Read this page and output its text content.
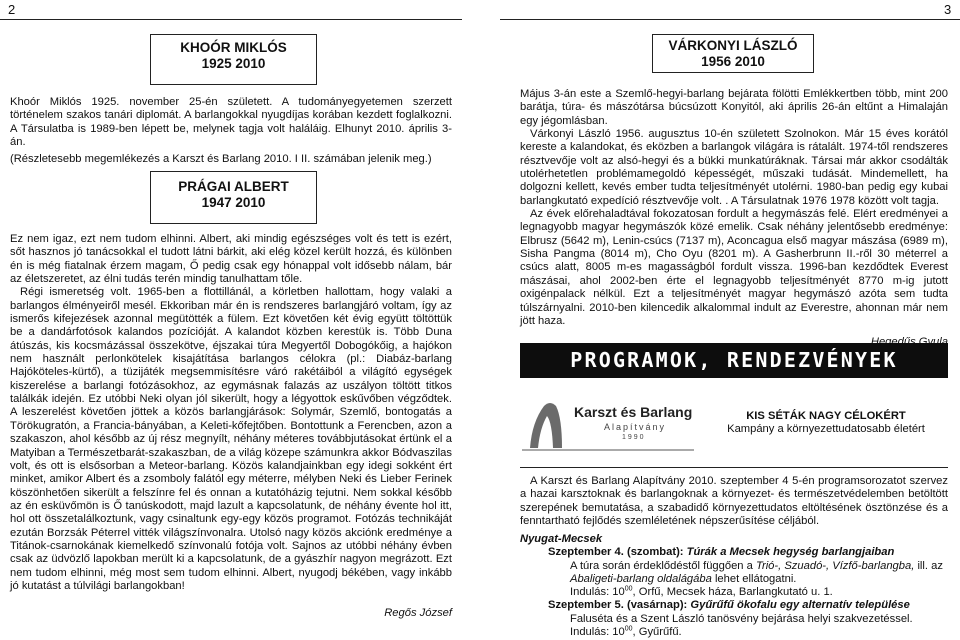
2
KHOÓR MIKLÓS
1925 2010

Khoór Miklós 1925. november 25-én született. A tudományegyetemen szerzett történelem szakos tanári diplomát. A barlangokkal nyugdíjas korában kezdett foglalkozni. A Társulatba is 1989-ben lépett be, melynek tagja volt haláláig. Elhunyt 2010. április 3-án.

(Részletesebb megemlékezés a Karszt és Barlang 2010. I II. számában jelenik meg.)

PRÁGAI ALBERT
1947 2010

Ez nem igaz, ezt nem tudom elhinni. Albert, aki mindig egészséges volt és tett is ezért, sőt hasznos jó tanácsokkal el tudott látni bárkit, aki elég közel került hozzá, és különben én is még fiatalnak érzem magam, Ő pedig csak egy hónappal volt idősebb nálam, bár az életszeretet, az élni tudás terén mindig tanulhattam tőle.

Régi ismeretség volt. 1965-ben a flottillánál, a körletben hallottam, hogy valaki a barlangos élményeiről mesél. Ekkoriban már én is rendszeres barlangjáró voltam, így az ismerős kifejezések azonnal megütötték a fülem. Ezt követően két évig együtt töltöttük be a dandárfotósok kalandos pozícióját. A kalandot közben kerestük is. Több Duna átúszás, kis kocsmázással összekötve, éjszakai túra Megyertől Dobogókőig, a hajókon nem használt perlonkötelek kisajátítása barlangos célokra (pl.: Diabáz-barlang Hajóköteles-kürtő), a tüzijáték megsemmisítésre váró rakétáiból a világító egységek kiszerelése a barlangi fotózásokhoz, az egymásnak falazás az uszályon töltött titkos találkák idején. Ez utóbbi Neki olyan jól sikerült, hogy a légyottok eskűvőben végződtek. A leszerelést követően jöttek a közös barlangjárások: Solymár, Szemlő, bontogatás a Törökugratón, a Francia-bányában, a Keleti-kőfejtőben. Bontottunk a Ferencben, azon a szakaszon, ahol később az új rész megnyílt, néhány méteres továbbjutásokat értünk el a Matyiban a Természetbarát-szakaszban, de a világ közepe számunkra akkor Bódvaszilas volt, és ott is elsősorban a Meteor-barlang. Közös kalandjainkban egy idegi sokként ért minket, amikor Albert és a zsomboly falától egy méterre, mélyben Neki és Lieber Ferinek köszönhetően sikerült a felszínre fel és onnan a kutatóházig tejutni. Nem sokkal később az én esküvőmön is Ő tanúskodott, majd lazult a kapcsolatunk, de néhány évente hol itt, hol ott összetalálkoztunk, vagy csinaltunk egy-egy közös programot. Fotózás technikáját ezután Borzsák Péterrel vitték világszínvonalra. Utolsó nagy közös akciónk eredménye a Titánok-csarnokának kiemelkedő színvonalú fotója volt. Sajnos az utóbbi néhány évben csak az üdvözlő lapokban merült ki a kapcsolatunk, de a gyászhír nagyon megrázott. Ezt nem tudom elhinni, még most sem tudom elhinni. Albert, nyugodj békében, vagy inkább jó kutatást a túlvilági barlangokban!

Regős József

3
VÁRKONYI LÁSZLÓ
1956 2010

Május 3-án este a Szemlő-hegyi-barlang bejárata fölötti Emlékkertben több, mint 200 barátja, túra- és mászótársa búcsúzott Konyitól, aki április 26-án eltűnt a Himalaján egy jégomlásban.

Várkonyi László 1956. augusztus 10-én született Szolnokon. Már 15 éves korától kereste a kalandokat, és eközben a barlangok világára is rátalált. 1974-től rendszeres résztvevője volt az alsó-hegyi és a bükki munkatúráknak. Társai már akkor csodálták utolérhetetlen problémamegoldó képességét, műszaki tudását. Mindemellett, ha dolgozni kellett, kevés ember tudta teljesítményét utolérni. 1980-ban pedig egy kubai barlangkutató expedíció résztvevője volt. . A Társulatnak 1976 1978 között volt tagja.

Az évek előrehaladtával fokozatosan fordult a hegymászás felé. Elért eredményei a legnagyobb magyar hegymászók közé emelik. Csak néhány jelentősebb eredménye: Elbrusz (5642 m), Lenin-csúcs (7137 m), Aconcagua első magyar mászása (6989 m), Sisha Pangma (8014 m), Cho Oyu (8201 m). A Gasherbrunn II.-ről 30 méterrel a csúcs alatt, 8005 m-es magasságból fordult vissza. 1996-ban kezdődtek Everest mászásai, ahol 2002-ben érte el legnagyobb teljesítményét 8770 m-ig jutott oxigénpalack nélkül. Ezt a teljesítményét magyar hegymászó azóta sem tudta túlszárnyalni. 2010-ben kilencedik alkalommal indult az Everestre, ahonnan már nem jött haza.

PROGRAMOK, RENDEZVÉNYEK
Karszt és Barlang
Alapítvány
1990
KIS SÉTÁK NAGY CÉLOKÉRT
Kampány a környezettudatosabb életért

A Karszt és Barlang Alapítvány 2010. szeptember 4 5-én programsorozatot szervez a hazai karsztoknak és barlangoknak a környezet- és természetvédelemben betöltött szerepének bemutatása, a szabadidő környezettudatos eltöltésének ösztönzése és a fenntartható fejlődés szemléletének népszerűsítése céljából.

Nyugat-Mecsek

Szeptember 4. (szombat): Túrák a Mecsek hegység barlangjaiban

A túra során érdeklődéstől függően a Trió-, Szuadó-, Vízfő-barlangba, ill. az

Abaligeti-barlang oldalágába lehet ellátogatni.

Indulás: $10^{00}$, Orfű, Mecsek háza, Barlangkutató u. 1.

Szeptember 5. (vasárnap): Gyűrűfű ökofalu egy alternatív települése

Faluséta és a Szent László tanösvény bejárása helyi szakvezetéssel.

Indulás: $10^{00}$, Gyűrűfű.
